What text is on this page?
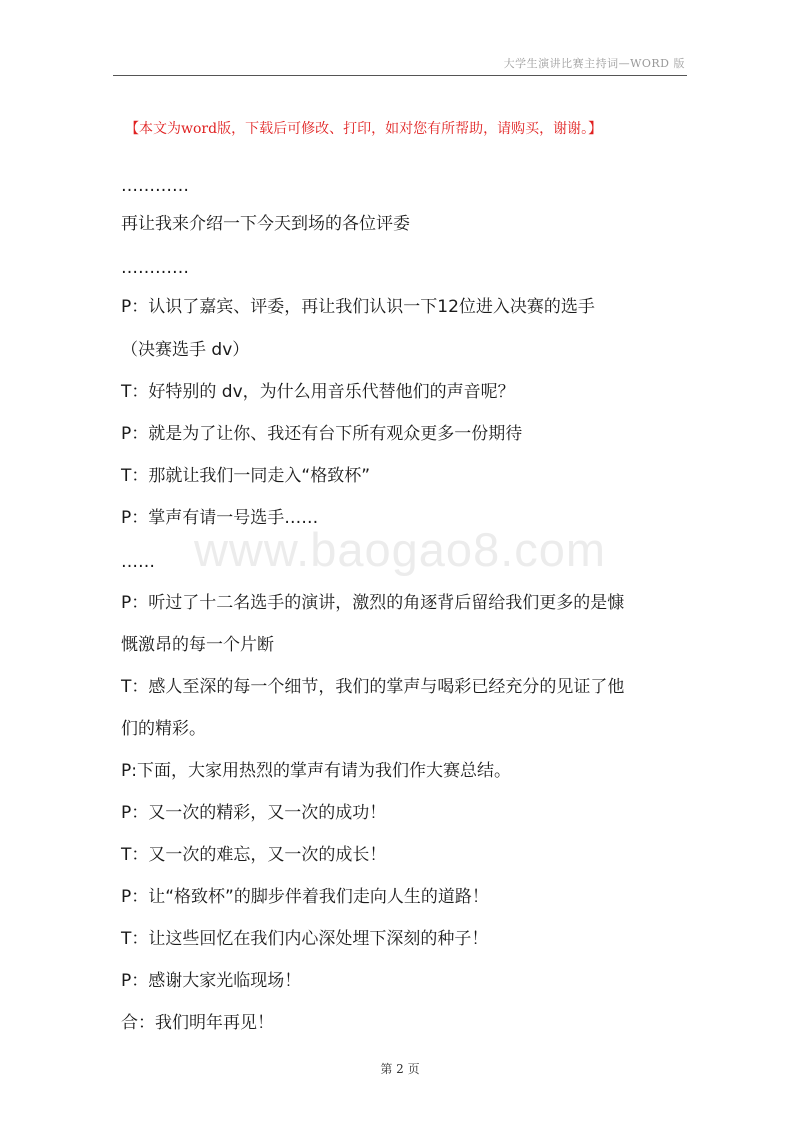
大学生演讲比赛主持词—WORD 版
【本文为word版，下载后可修改、打印，如对您有所帮助，请购买，谢谢。】
www.baogao8.com
…………
再让我来介绍一下今天到场的各位评委
…………
P：认识了嘉宾、评委，再让我们认识一下12位进入决赛的选手
（决赛选手 dv）
T：好特别的 dv，为什么用音乐代替他们的声音呢？
P：就是为了让你、我还有台下所有观众更多一份期待
T：那就让我们一同走入“格致杯”
P：掌声有请一号选手……
……
P：听过了十二名选手的演讲，激烈的角逐背后留给我们更多的是慷
慨激昂的每一个片断
T：感人至深的每一个细节，我们的掌声与喝彩已经充分的见证了他
们的精彩。
P:下面，大家用热烈的掌声有请为我们作大赛总结。
P：又一次的精彩，又一次的成功！
T：又一次的难忘，又一次的成长！
P：让“格致杯”的脚步伴着我们走向人生的道路！
T：让这些回忆在我们内心深处埋下深刻的种子！
P：感谢大家光临现场！
合：我们明年再见！
第 2 页
